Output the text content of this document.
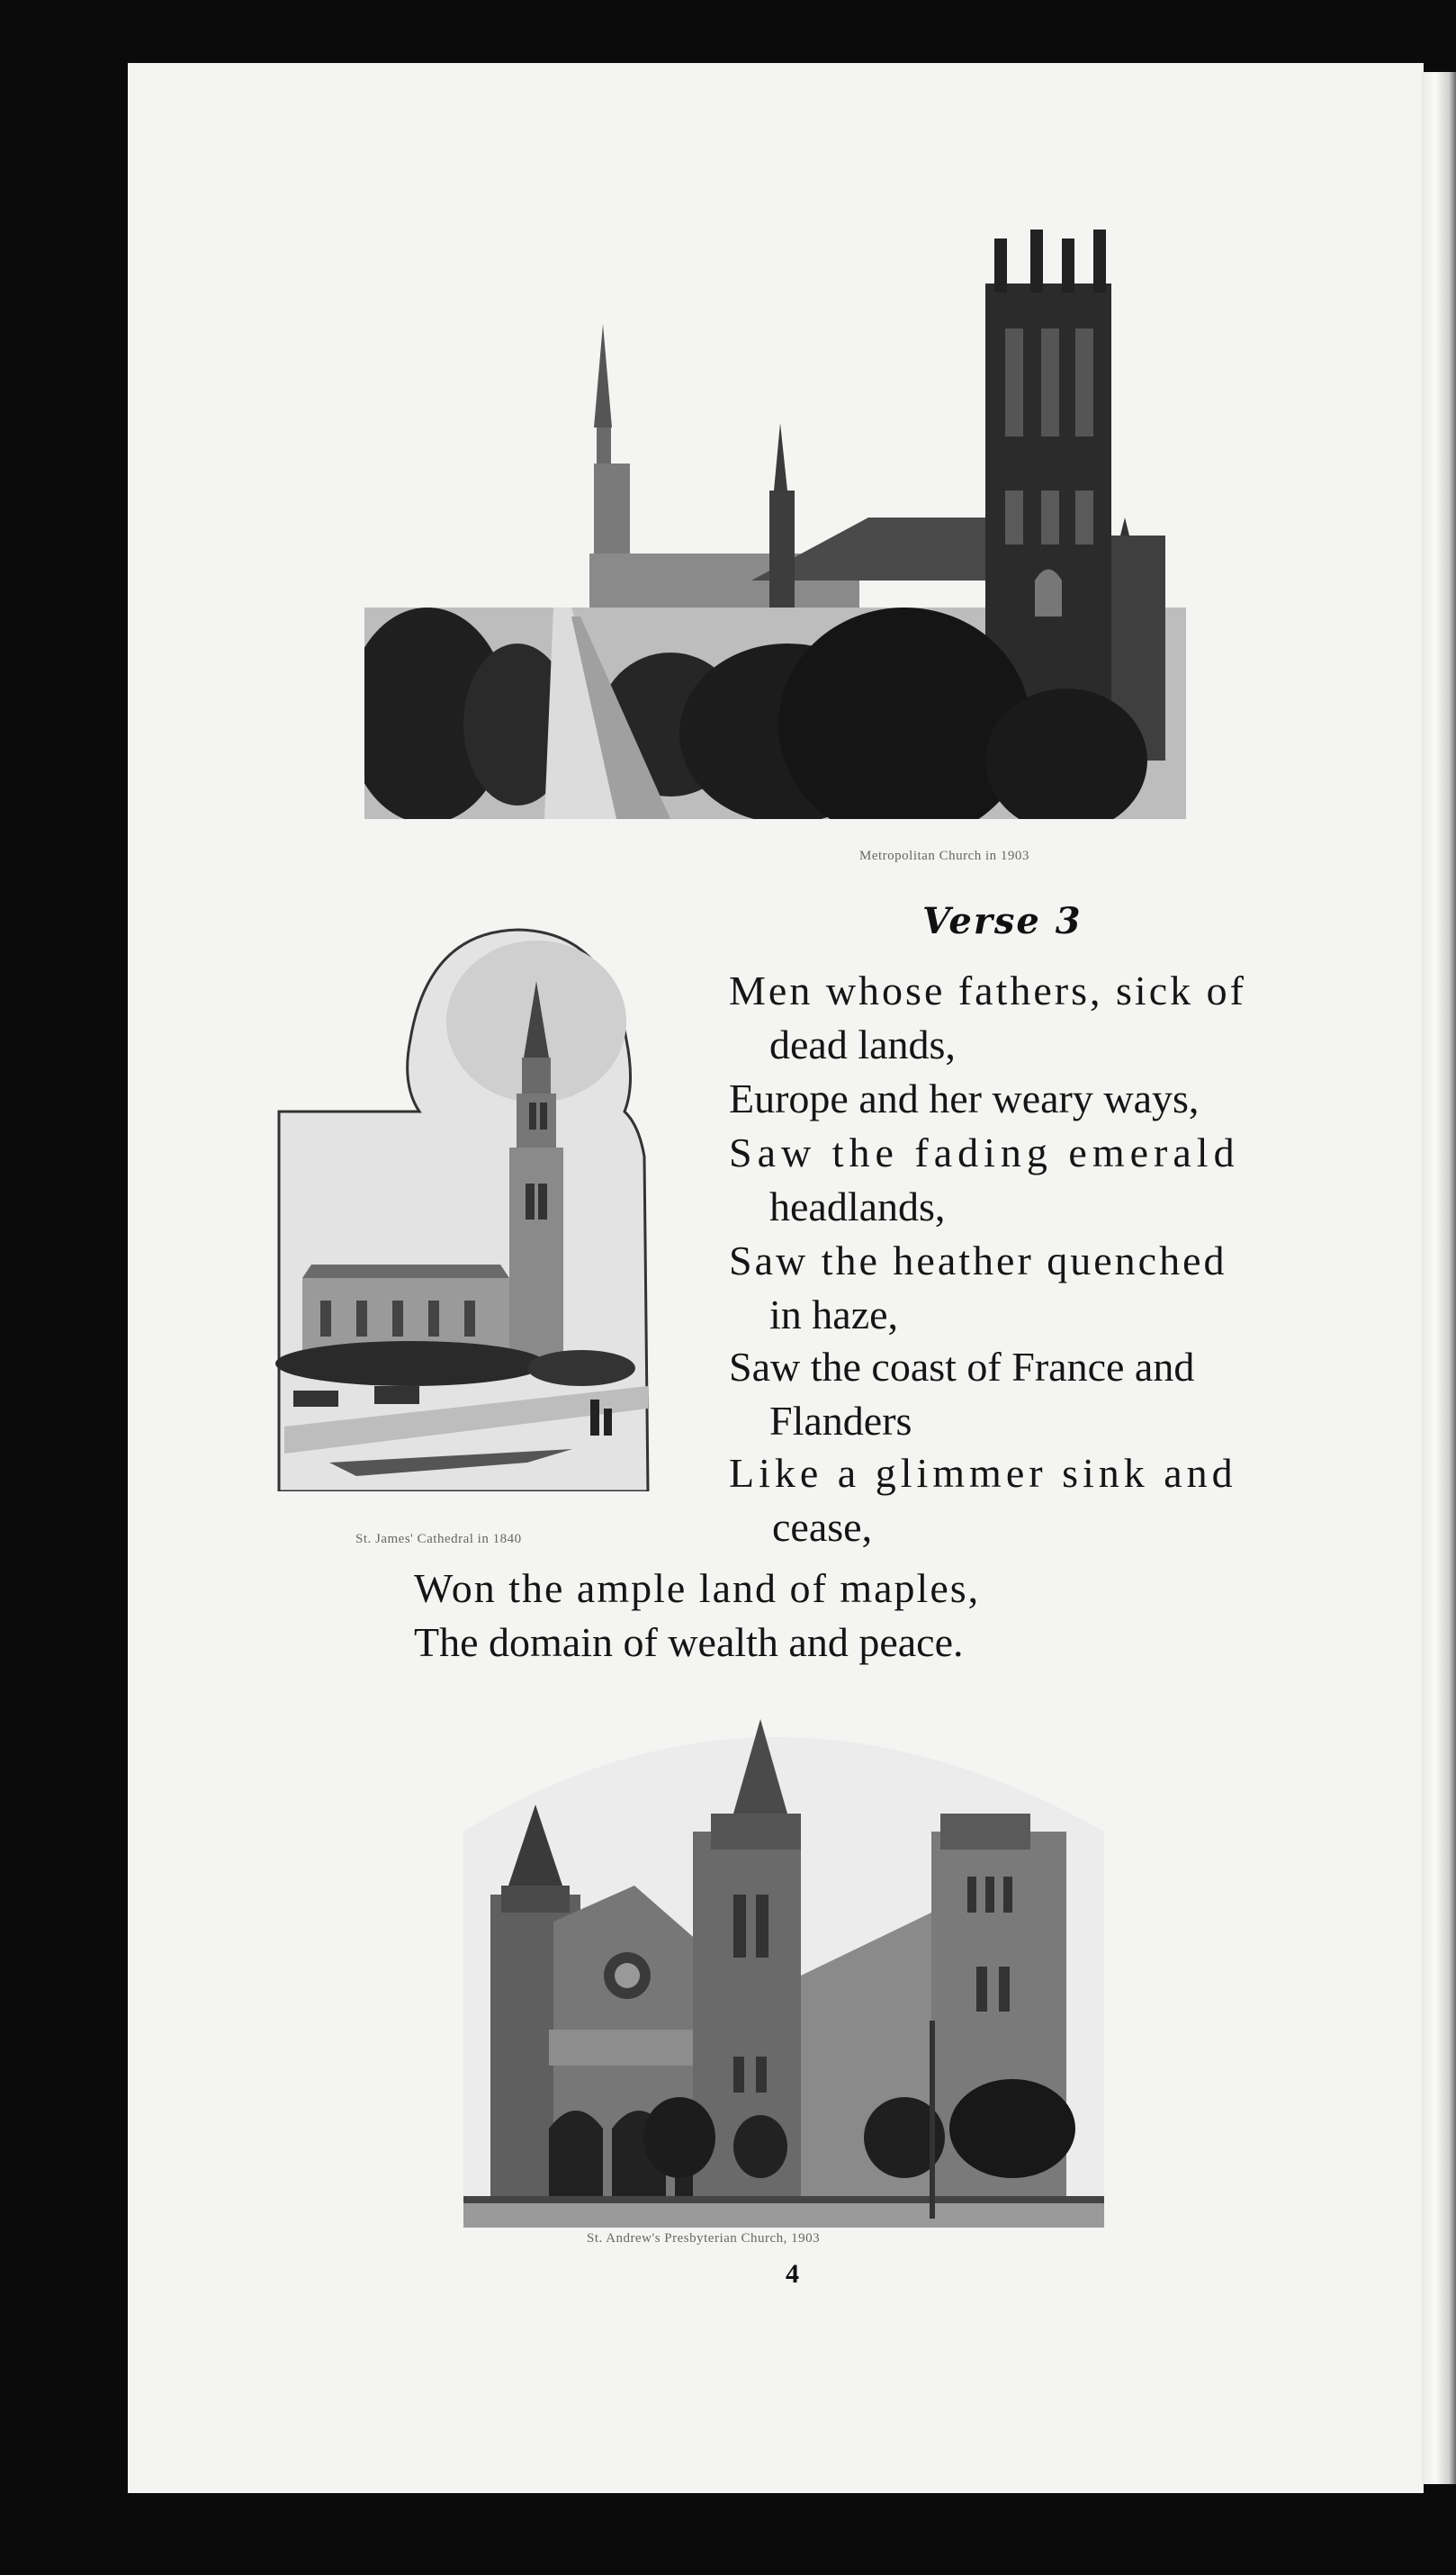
Metropolitan Church in 1903
St. James' Cathedral in 1840
Verse 3
Men whose fathers, sick of
dead lands,
Europe and her weary ways,
Saw the fading emerald
headlands,
Saw the heather quenched
in haze,
Saw the coast of France and
Flanders
Like a glimmer sink and
cease,
Won the ample land of maples,
The domain of wealth and peace.
St. Andrew's Presbyterian Church, 1903
4
